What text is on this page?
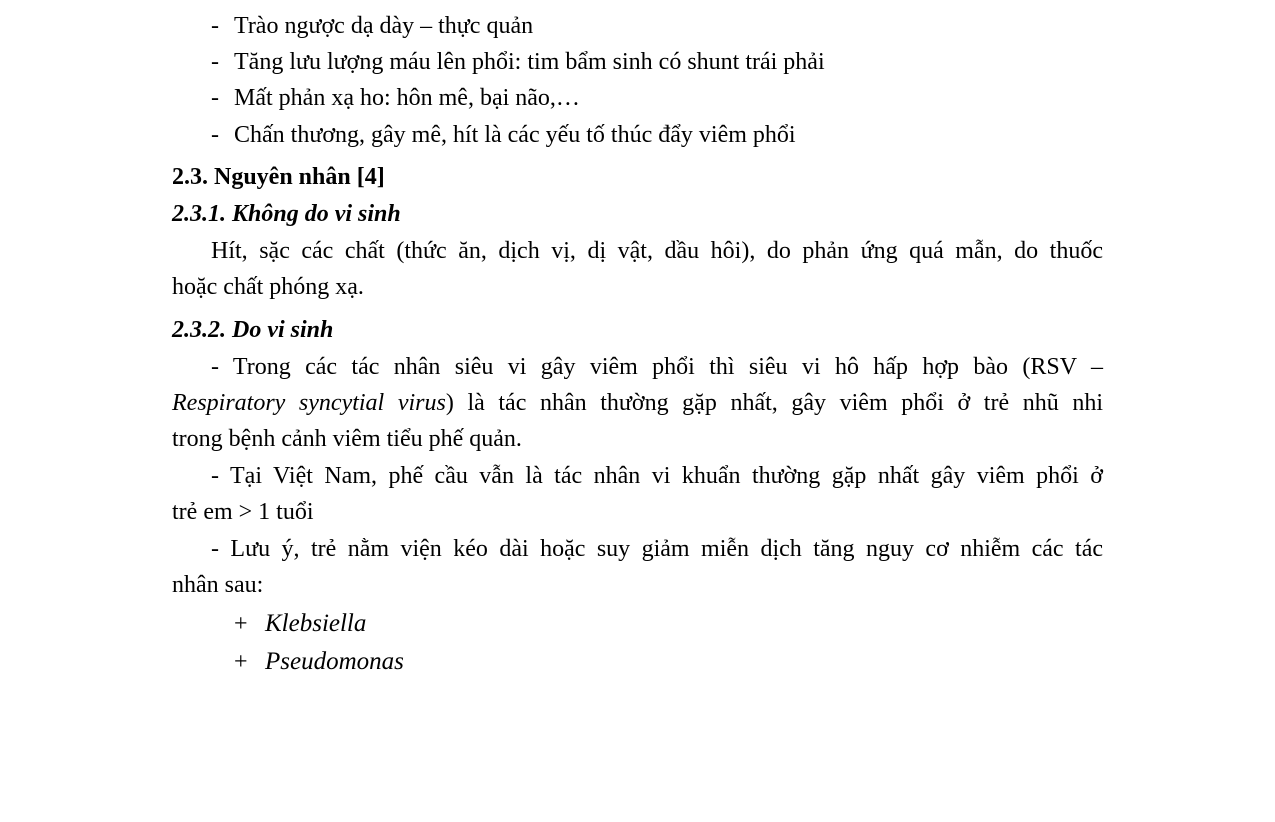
- Trào ngược dạ dày – thực quản
- Tăng lưu lượng máu lên phổi: tim bẩm sinh có shunt trái phải
- Mất phản xạ ho: hôn mê, bại não,…
- Chấn thương, gây mê, hít là các yếu tố thúc đẩy viêm phổi
2.3. Nguyên nhân [4]
2.3.1. Không do vi sinh
Hít, sặc các chất (thức ăn, dịch vị, dị vật, dầu hôi), do phản ứng quá mẫn, do thuốc
hoặc chất phóng xạ.
2.3.2. Do vi sinh
- Trong các tác nhân siêu vi gây viêm phổi thì siêu vi hô hấp hợp bào (RSV –
Respiratory syncytial virus) là tác nhân thường gặp nhất, gây viêm phổi ở trẻ nhũ nhi
trong bệnh cảnh viêm tiểu phế quản.
- Tại Việt Nam, phế cầu vẫn là tác nhân vi khuẩn thường gặp nhất gây viêm phổi ở
trẻ em > 1 tuổi
- Lưu ý, trẻ nằm viện kéo dài hoặc suy giảm miễn dịch tăng nguy cơ nhiễm các tác
nhân sau:
+ Klebsiella
+ Pseudomonas
